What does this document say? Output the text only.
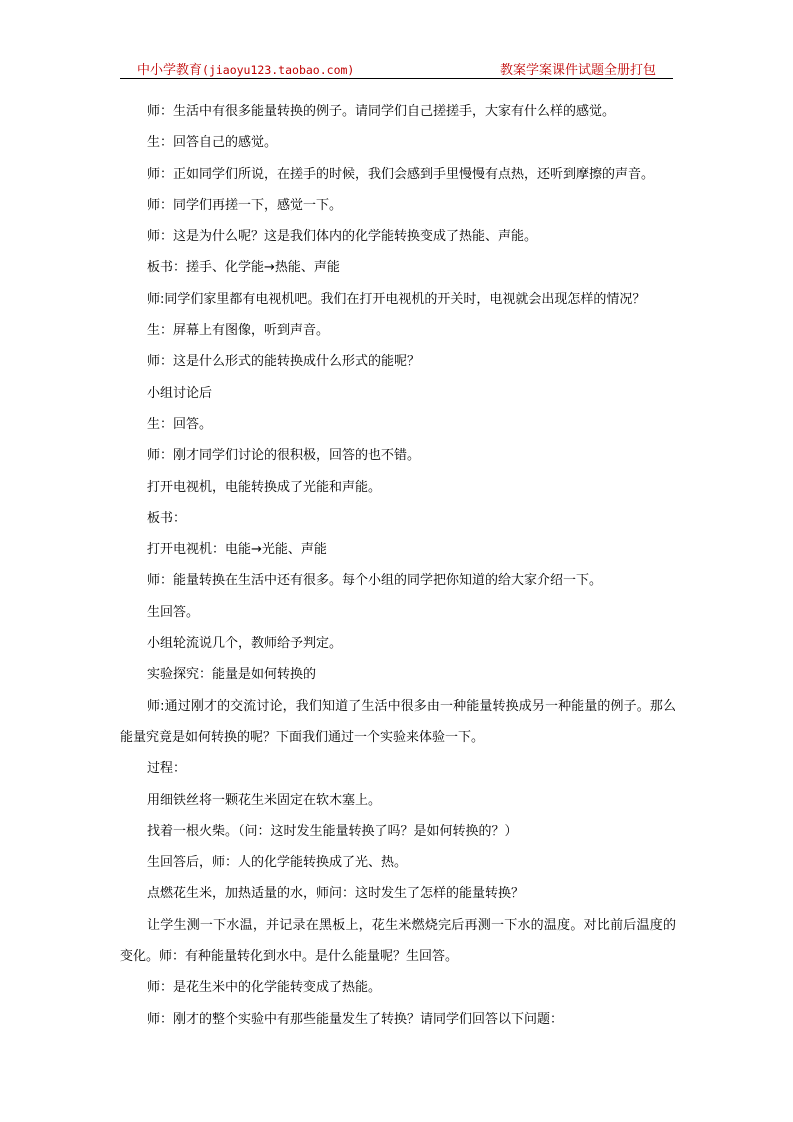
中小学教育(jiaoyu123.taobao.com)	教案学案课件试题全册打包

师：生活中有很多能量转换的例子。请同学们自己搓搓手，大家有什么样的感觉。

生：回答自己的感觉。

师：正如同学们所说，在搓手的时候，我们会感到手里慢慢有点热，还听到摩擦的声音。

师：同学们再搓一下，感觉一下。

师：这是为什么呢？这是我们体内的化学能转换变成了热能、声能。

板书：搓手、化学能→热能、声能

师:同学们家里都有电视机吧。我们在打开电视机的开关时，电视就会出现怎样的情况？

生：屏幕上有图像，听到声音。

师：这是什么形式的能转换成什么形式的能呢？

小组讨论后

生：回答。

师：刚才同学们讨论的很积极，回答的也不错。

打开电视机，电能转换成了光能和声能。

板书：

打开电视机：电能→光能、声能

师：能量转换在生活中还有很多。每个小组的同学把你知道的给大家介绍一下。

生回答。

小组轮流说几个，教师给予判定。

实验探究：能量是如何转换的

师:通过刚才的交流讨论，我们知道了生活中很多由一种能量转换成另一种能量的例子。那么能量究竟是如何转换的呢？下面我们通过一个实验来体验一下。

过程：

用细铁丝将一颗花生米固定在软木塞上。

找着一根火柴。（问：这时发生能量转换了吗？是如何转换的？）

生回答后，师：人的化学能转换成了光、热。

点燃花生米，加热适量的水，师问：这时发生了怎样的能量转换？

让学生测一下水温，并记录在黑板上，花生米燃烧完后再测一下水的温度。对比前后温度的变化。师：有种能量转化到水中。是什么能量呢？生回答。

师：是花生米中的化学能转变成了热能。

师：刚才的整个实验中有那些能量发生了转换？请同学们回答以下问题：
